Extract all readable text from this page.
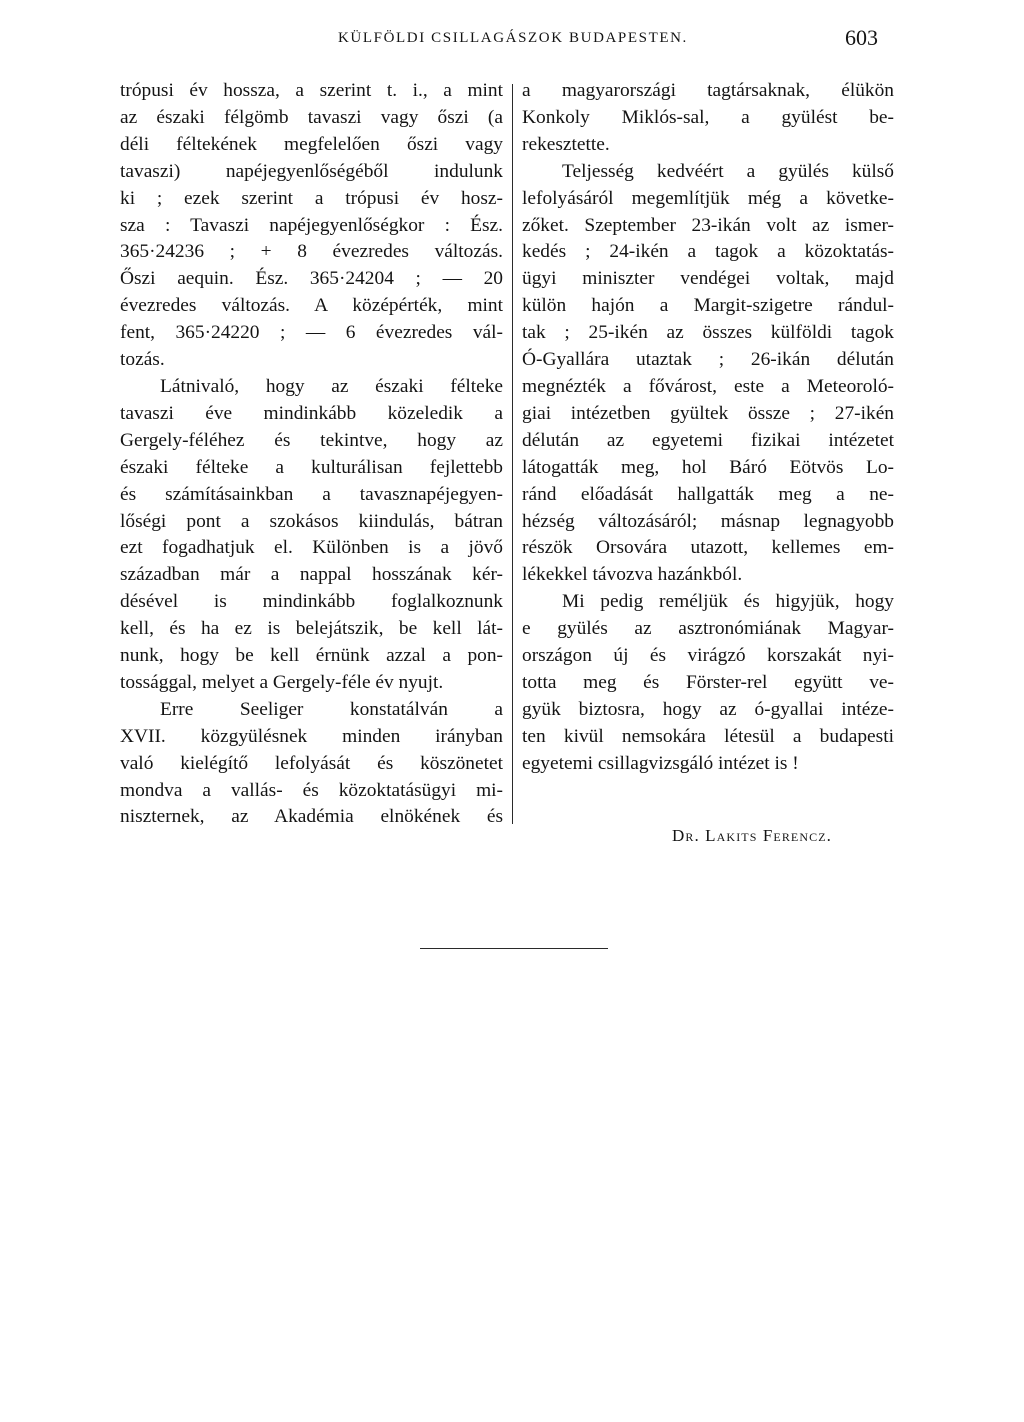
KÜLFÖLDI CSILLAGÁSZOK BUDAPESTEN.	603
trópusi év hossza, a szerint t. i., a mint
az északi félgömb tavaszi vagy őszi (a
déli féltekének megfelelően őszi vagy
tavaszi) napéjegyenlőségéből indulunk
ki ; ezek szerint a trópusi év hosz-
sza : Tavaszi napéjegyenlőségkor : Ész.
365·24236 ; + 8 évezredes változás.
Őszi aequin. Ész. 365·24204 ; — 20
évezredes változás. A középérték, mint
fent, 365·24220 ; — 6 évezredes vál-
tozás.
Látnivaló, hogy az északi félteke
tavaszi éve mindinkább közeledik a
Gergely-féléhez és tekintve, hogy az
északi félteke a kulturálisan fejlettebb
és számításainkban a tavasznapéjegyen-
lőségi pont a szokásos kiindulás, bátran
ezt fogadhatjuk el. Különben is a jövő
században már a nappal hosszának kér-
désével is mindinkább foglalkoznunk
kell, és ha ez is belejátszik, be kell lát-
nunk, hogy be kell érnünk azzal a pon-
tossággal, melyet a Gergely-féle év nyujt.
Erre Seeliger konstatálván a
XVII. közgyülésnek minden irányban
való kielégítő lefolyását és köszönetet
mondva a vallás- és közoktatásügyi mi-
niszternek, az Akadémia elnökének és
a magyarországi tagtársaknak, élükön
Konkoly Miklós-sal, a gyülést be-
rekesztette.
Teljesség kedvéért a gyülés külső
lefolyásáról megemlítjük még a követke-
zőket. Szeptember 23-ikán volt az ismer-
kedés ; 24-ikén a tagok a közoktatás-
ügyi miniszter vendégei voltak, majd
külön hajón a Margit-szigetre rándul-
tak ; 25-ikén az összes külföldi tagok
Ó-Gyallára utaztak ; 26-ikán délután
megnézték a fővárost, este a Meteoroló-
giai intézetben gyültek össze ; 27-ikén
délután az egyetemi fizikai intézetet
látogatták meg, hol Báró Eötvös Lo-
ránd előadását hallgatták meg a ne-
hézség változásáról; másnap legnagyobb
részök Orsovára utazott, kellemes em-
lékekkel távozva hazánkból.
Mi pedig reméljük és higyjük, hogy
e gyülés az asztronómiának Magyar-
országon új és virágzó korszakát nyi-
totta meg és Förster-rel együtt ve-
gyük biztosra, hogy az ó-gyallai intéze-
ten kivül nemsokára létesül a budapesti
egyetemi csillagvizsgáló intézet is !
Dr. Lakits Ferencz.
